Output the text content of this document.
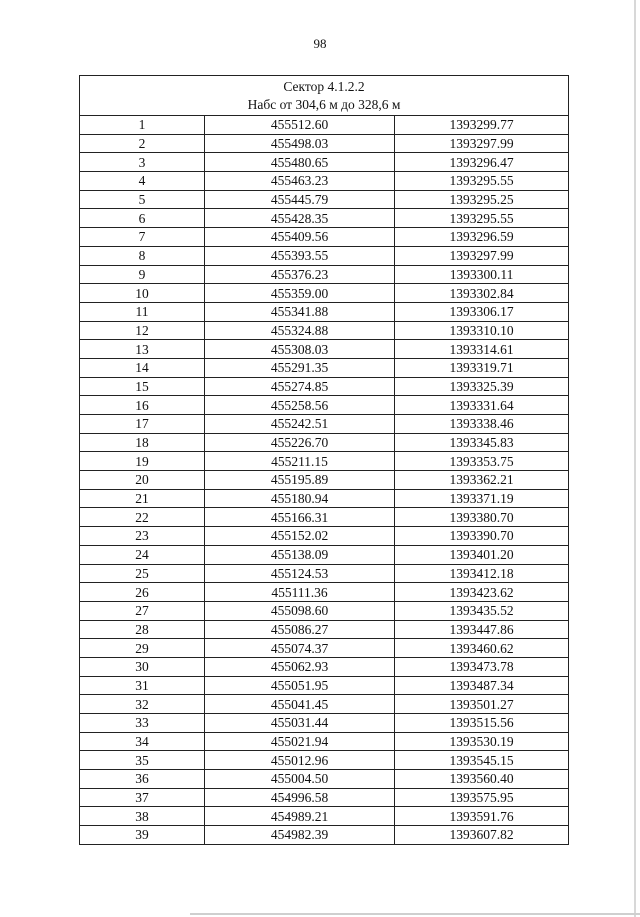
98
Сектор 4.1.2.2
Набс от 304,6 м до 328,6 м		

1	455512.60	1393299.77
2	455498.03	1393297.99
3	455480.65	1393296.47
4	455463.23	1393295.55
5	455445.79	1393295.25
6	455428.35	1393295.55
7	455409.56	1393296.59
8	455393.55	1393297.99
9	455376.23	1393300.11
10	455359.00	1393302.84
11	455341.88	1393306.17
12	455324.88	1393310.10
13	455308.03	1393314.61
14	455291.35	1393319.71
15	455274.85	1393325.39
16	455258.56	1393331.64
17	455242.51	1393338.46
18	455226.70	1393345.83
19	455211.15	1393353.75
20	455195.89	1393362.21
21	455180.94	1393371.19
22	455166.31	1393380.70
23	455152.02	1393390.70
24	455138.09	1393401.20
25	455124.53	1393412.18
26	455111.36	1393423.62
27	455098.60	1393435.52
28	455086.27	1393447.86
29	455074.37	1393460.62
30	455062.93	1393473.78
31	455051.95	1393487.34
32	455041.45	1393501.27
33	455031.44	1393515.56
34	455021.94	1393530.19
35	455012.96	1393545.15
36	455004.50	1393560.40
37	454996.58	1393575.95
38	454989.21	1393591.76
39	454982.39	1393607.82
